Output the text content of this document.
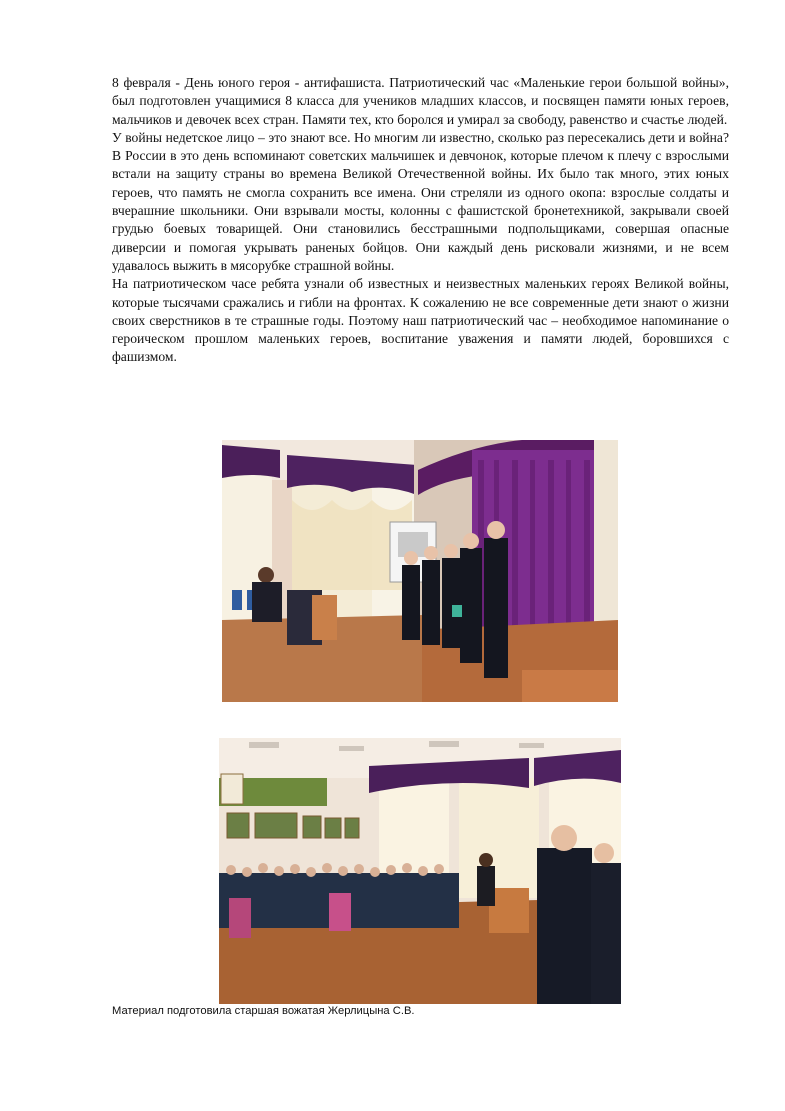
8 февраля - День юного героя - антифашиста. Патриотический час «Маленькие герои большой войны», был подготовлен учащимися 8 класса для учеников младших классов, и посвящен памяти юных героев, мальчиков и девочек всех стран. Памяти тех, кто боролся и умирал за свободу, равенство и счастье людей.

У войны недетское лицо – это знают все. Но многим ли известно, сколько раз пересекались дети и война? В России в это день вспоминают советских мальчишек и девчонок, которые плечом к плечу с взрослыми встали на защиту страны во времена Великой Отечественной войны. Их было так много, этих юных героев, что память не смогла сохранить все имена. Они стреляли из одного окопа: взрослые солдаты и вчерашние школьники. Они взрывали мосты, колонны с фашистской бронетехникой, закрывали своей грудью боевых товарищей. Они становились бесстрашными подпольщиками, совершая опасные диверсии и помогая укрывать раненых бойцов. Они каждый день рисковали жизнями, и не всем удавалось выжить в мясорубке страшной войны.

На патриотическом часе ребята узнали об известных и неизвестных маленьких героях Великой войны, которые тысячами сражались и гибли на фронтах. К сожалению не все современные дети знают о жизни своих сверстников в те страшные годы. Поэтому наш патриотический час – необходимое напоминание о героическом прошлом маленьких героев, воспитание уважения и памяти людей, боровшихся с фашизмом.

Материал подготовила старшая вожатая Жерлицына С.В.
